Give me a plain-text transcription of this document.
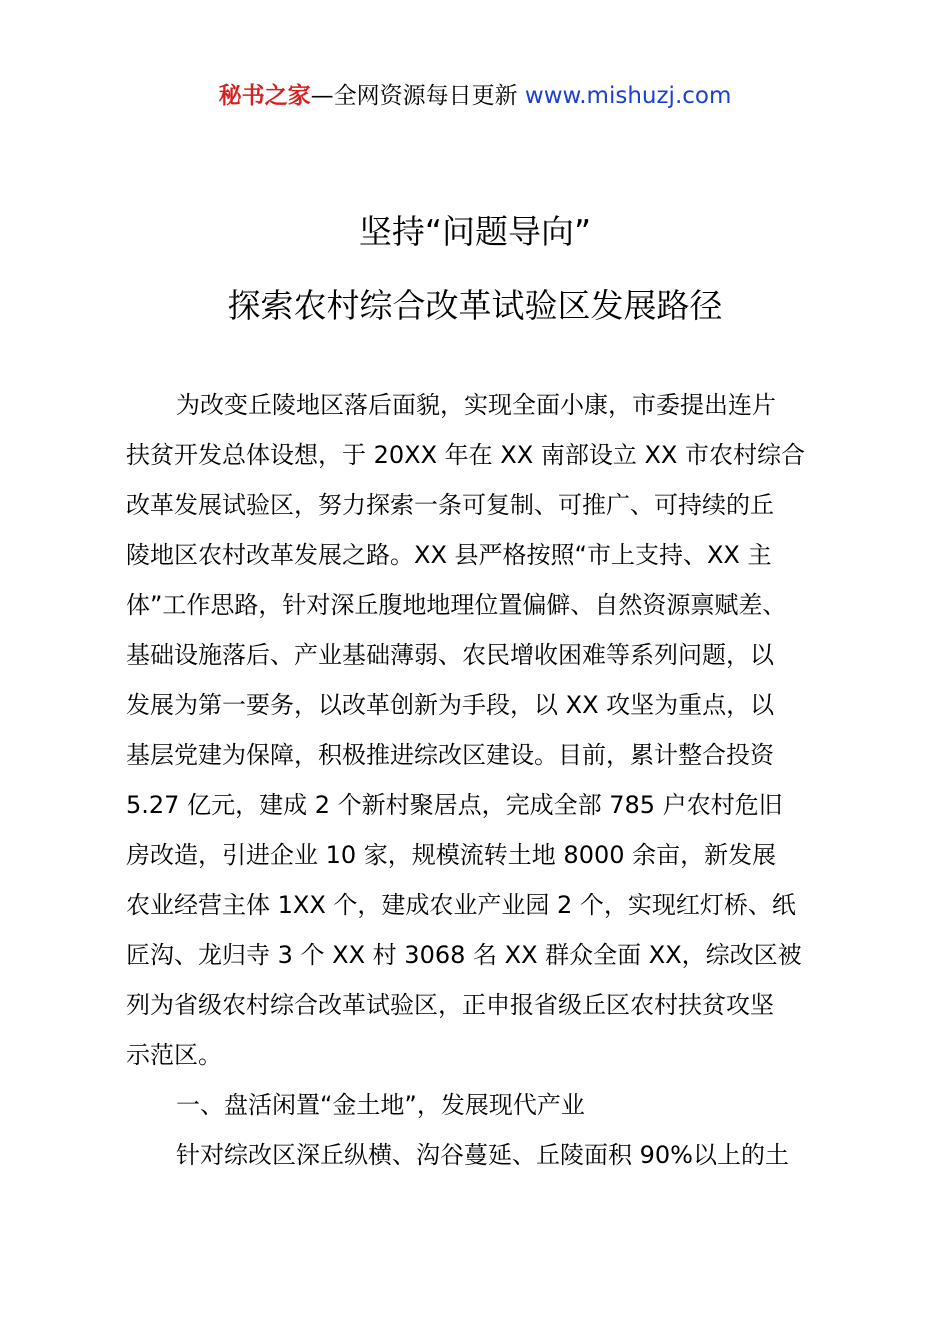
秘书之家—全网资源每日更新 www.mishuzj.com
坚持“问题导向”
探索农村综合改革试验区发展路径
为改变丘陵地区落后面貌，实现全面小康，市委提出连片
扶贫开发总体设想，于 20XX 年在 XX 南部设立 XX 市农村综合
改革发展试验区，努力探索一条可复制、可推广、可持续的丘
陵地区农村改革发展之路。XX 县严格按照“市上支持、XX 主
体”工作思路，针对深丘腹地地理位置偏僻、自然资源禀赋差、
基础设施落后、产业基础薄弱、农民增收困难等系列问题，以
发展为第一要务，以改革创新为手段，以 XX 攻坚为重点，以
基层党建为保障，积极推进综改区建设。目前，累计整合投资
5.27 亿元，建成 2 个新村聚居点，完成全部 785 户农村危旧
房改造，引进企业 10 家，规模流转土地 8000 余亩，新发展
农业经营主体 1XX 个，建成农业产业园 2 个，实现红灯桥、纸
匠沟、龙归寺 3 个 XX 村 3068 名 XX 群众全面 XX，综改区被
列为省级农村综合改革试验区，正申报省级丘区农村扶贫攻坚
示范区。
一、盘活闲置“金土地”，发展现代产业
针对综改区深丘纵横、沟谷蔓延、丘陵面积 90%以上的土
